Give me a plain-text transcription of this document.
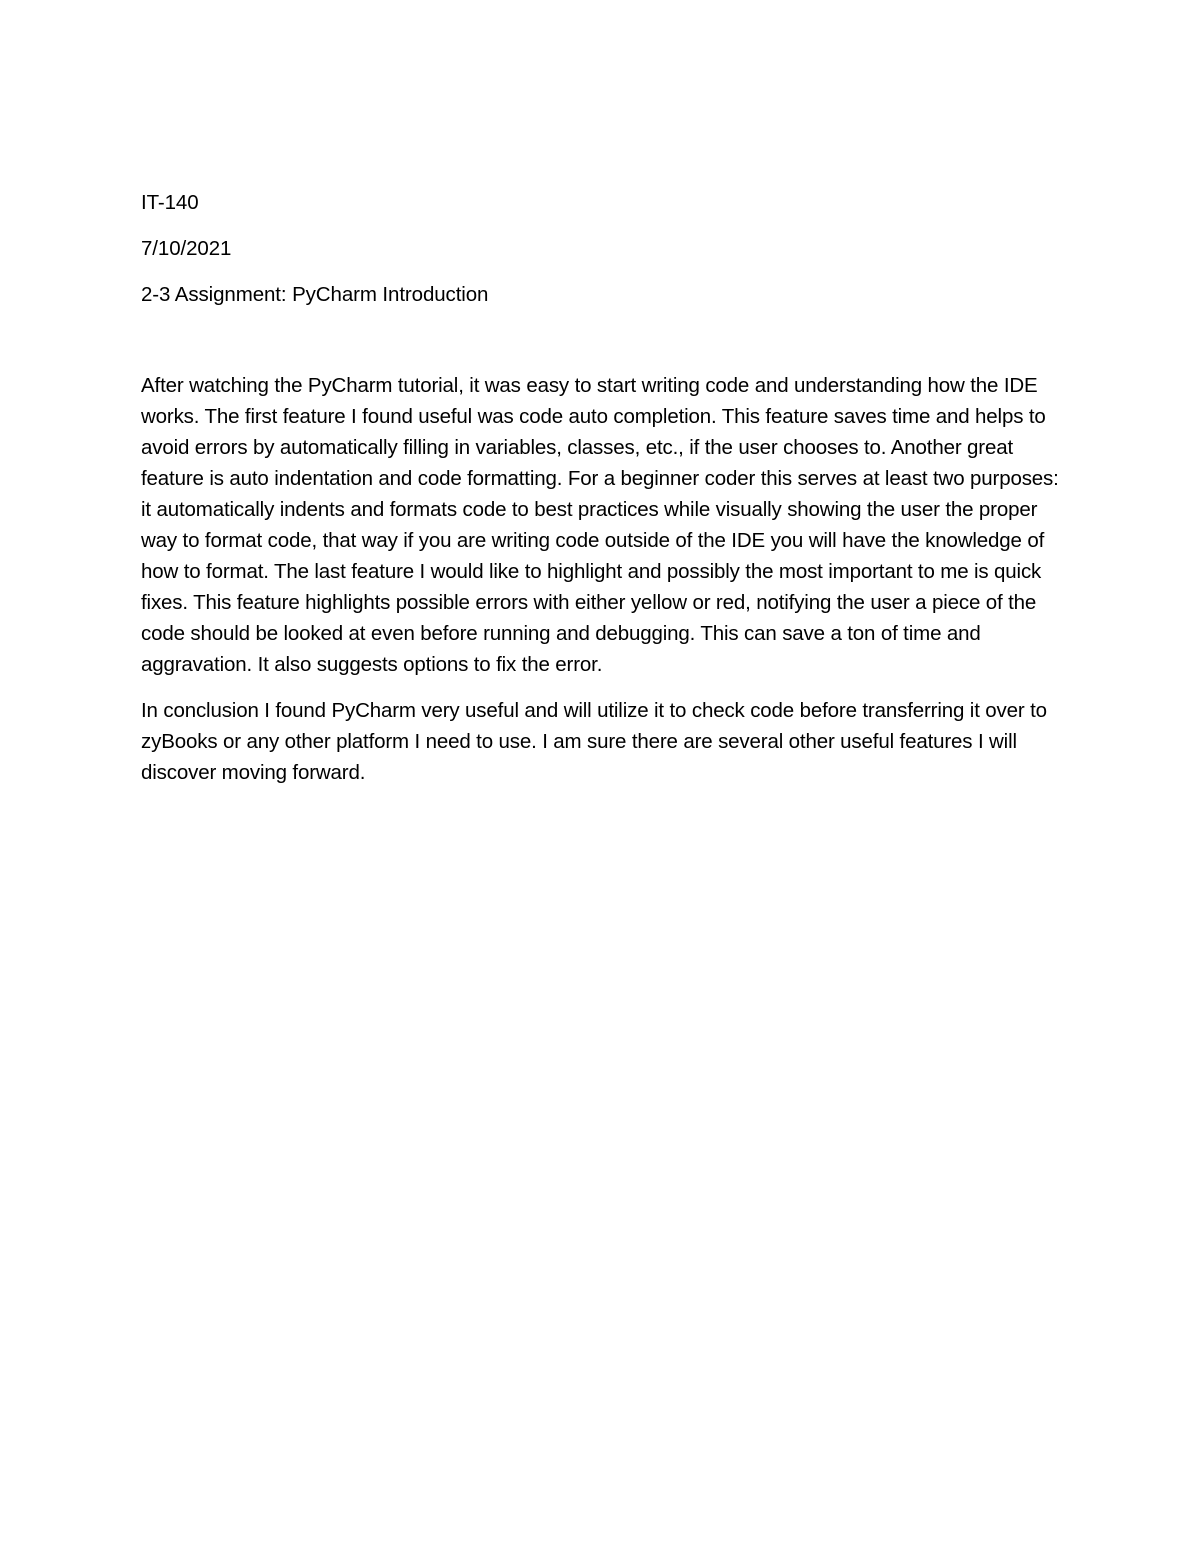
IT-140
7/10/2021
2-3 Assignment: PyCharm Introduction

After watching the PyCharm tutorial, it was easy to start writing code and understanding how the IDE works. The first feature I found useful was code auto completion. This feature saves time and helps to avoid errors by automatically filling in variables, classes, etc., if the user chooses to. Another great feature is auto indentation and code formatting. For a beginner coder this serves at least two purposes: it automatically indents and formats code to best practices while visually showing the user the proper way to format code, that way if you are writing code outside of the IDE you will have the knowledge of how to format. The last feature I would like to highlight and possibly the most important to me is quick fixes. This feature highlights possible errors with either yellow or red, notifying the user a piece of the code should be looked at even before running and debugging. This can save a ton of time and aggravation. It also suggests options to fix the error.

In conclusion I found PyCharm very useful and will utilize it to check code before transferring it over to zyBooks or any other platform I need to use. I am sure there are several other useful features I will discover moving forward.
